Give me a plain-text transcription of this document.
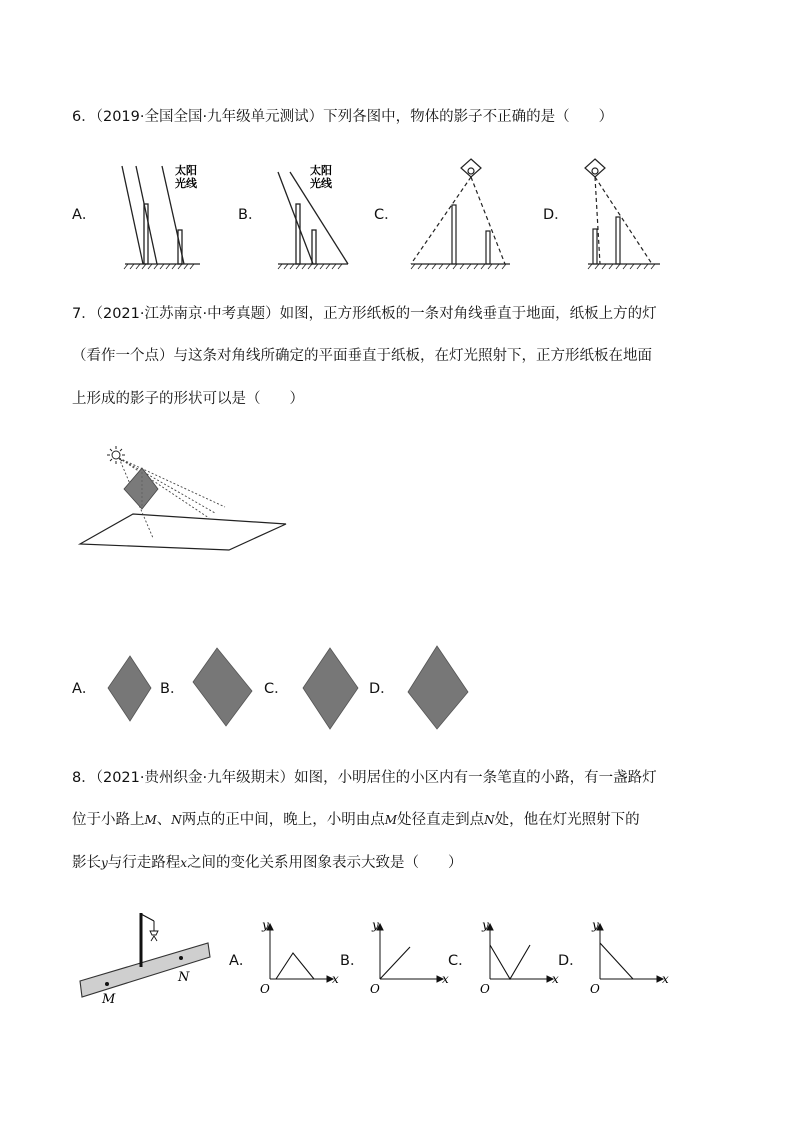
6．（2019·全国全国·九年级单元测试）下列各图中，物体的影子不正确的是（　　）
A．	B．	C．	D．
太阳
光线
太阳
光线
7．（2021·江苏南京·中考真题）如图，正方形纸板的一条对角线垂直于地面，纸板上方的灯
（看作一个点）与这条对角线所确定的平面垂直于纸板，在灯光照射下，正方形纸板在地面
上形成的影子的形状可以是（　　）
A．	B．	C．	D．
8．（2021·贵州织金·九年级期末）如图，小明居住的小区内有一条笔直的小路，有一盏路灯
位于小路上M、N两点的正中间，晚上，小明由点M处径直走到点N处，他在灯光照射下的
影长y与行走路程x之间的变化关系用图象表示大致是（　　）
M
N
A．	B．	C．	D．
O
x
y
O
x
y
O
x
y
O
x
y
